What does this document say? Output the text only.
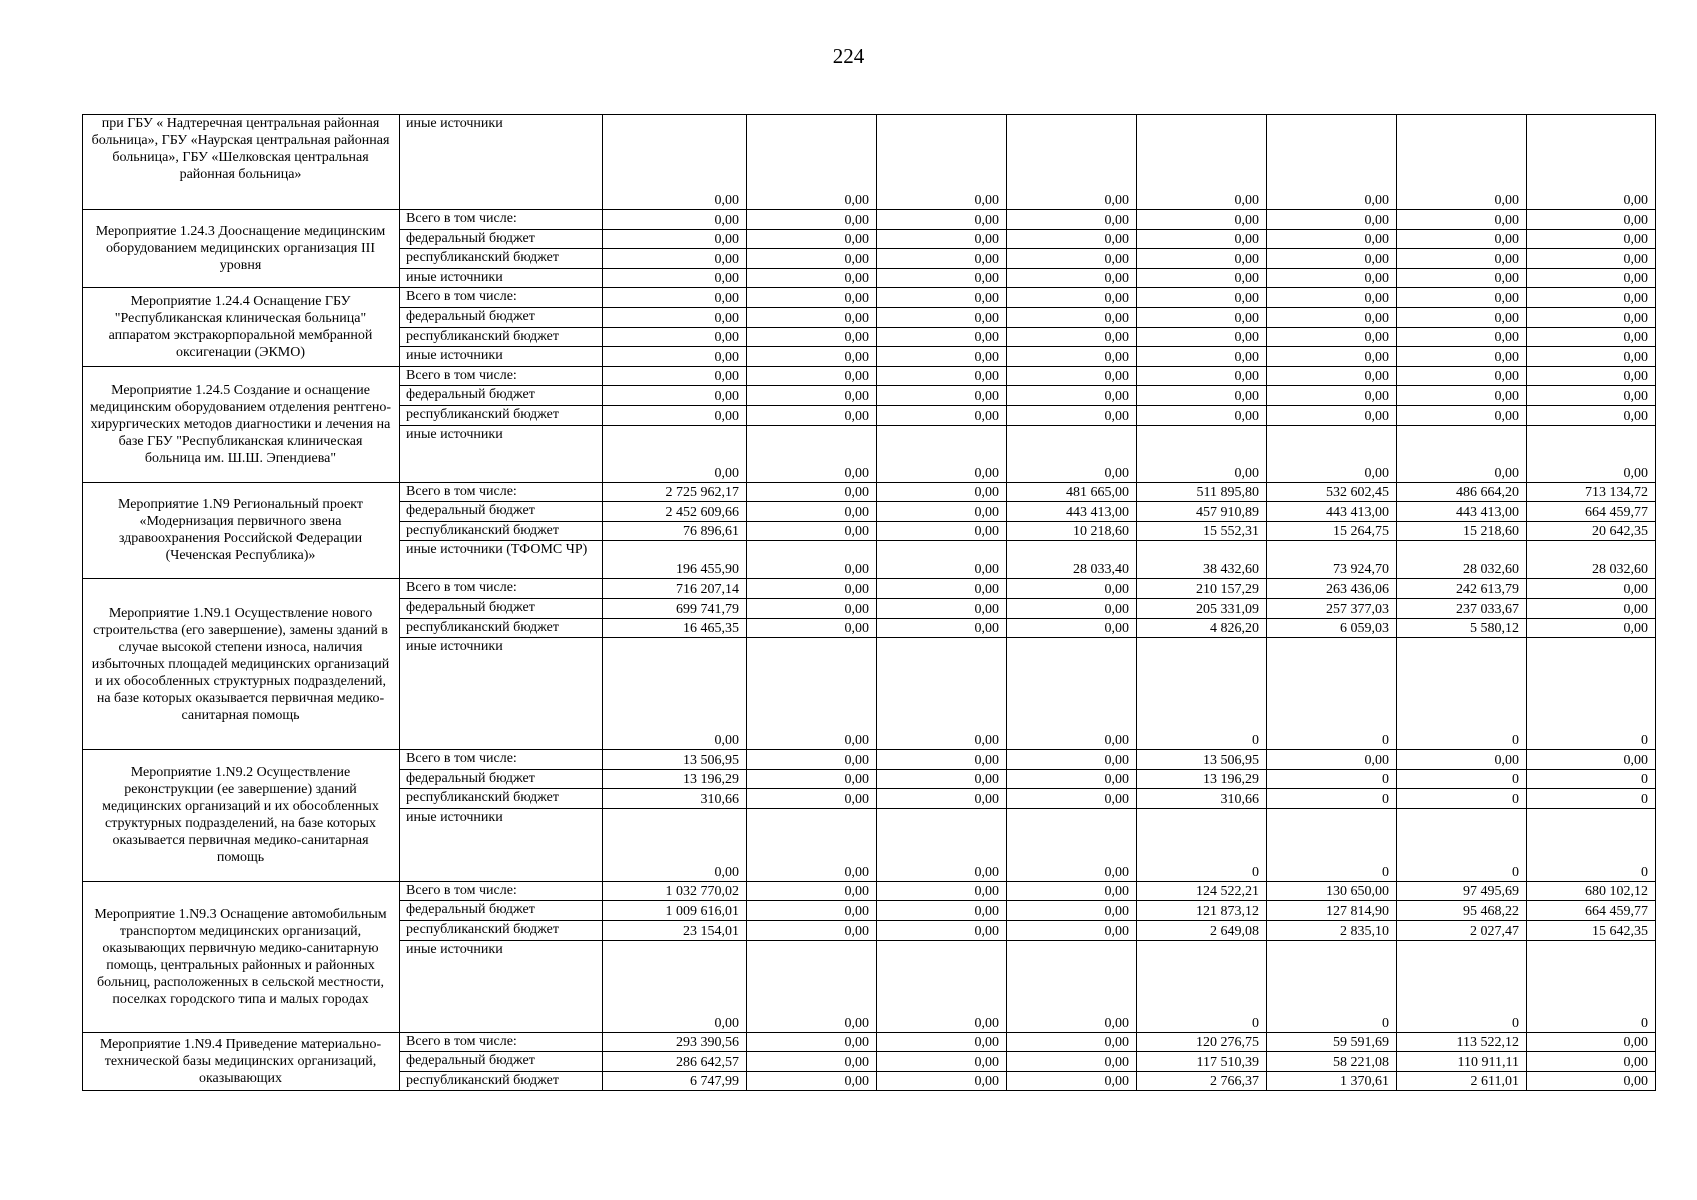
224
при ГБУ « Надтеречная центральная районная больница», ГБУ «Наурская центральная районная больница», ГБУ «Шелковская центральная районная больница»	иные источники	0,00	0,00	0,00	0,00	0,00	0,00	0,00	0,00
Мероприятие 1.24.3 Дооснащение медицинским оборудованием медицинских организация III уровня	Всего в том числе:	0,00	0,00	0,00	0,00	0,00	0,00	0,00	0,00
	федеральный бюджет	0,00	0,00	0,00	0,00	0,00	0,00	0,00	0,00
	республиканский бюджет	0,00	0,00	0,00	0,00	0,00	0,00	0,00	0,00
	иные источники	0,00	0,00	0,00	0,00	0,00	0,00	0,00	0,00
Мероприятие 1.24.4 Оснащение ГБУ "Республиканская клиническая больница" аппаратом экстракорпоральной мембранной оксигенации (ЭКМО)	Всего в том числе:	0,00	0,00	0,00	0,00	0,00	0,00	0,00	0,00
	федеральный бюджет	0,00	0,00	0,00	0,00	0,00	0,00	0,00	0,00
	республиканский бюджет	0,00	0,00	0,00	0,00	0,00	0,00	0,00	0,00
	иные источники	0,00	0,00	0,00	0,00	0,00	0,00	0,00	0,00
Мероприятие 1.24.5 Создание и оснащение медицинским оборудованием отделения рентгено-хирургических методов диагностики и лечения на базе ГБУ "Республиканская клиническая больница им. Ш.Ш. Эпендиева"	Всего в том числе:	0,00	0,00	0,00	0,00	0,00	0,00	0,00	0,00
	федеральный бюджет	0,00	0,00	0,00	0,00	0,00	0,00	0,00	0,00
	республиканский бюджет	0,00	0,00	0,00	0,00	0,00	0,00	0,00	0,00
	иные источники	0,00	0,00	0,00	0,00	0,00	0,00	0,00	0,00
Мероприятие 1.N9 Региональный проект «Модернизация первичного звена здравоохранения Российской Федерации (Чеченская Республика)»	Всего в том числе:	2 725 962,17	0,00	0,00	481 665,00	511 895,80	532 602,45	486 664,20	713 134,72
	федеральный бюджет	2 452 609,66	0,00	0,00	443 413,00	457 910,89	443 413,00	443 413,00	664 459,77
	республиканский бюджет	76 896,61	0,00	0,00	10 218,60	15 552,31	15 264,75	15 218,60	20 642,35
	иные источники (ТФОМС ЧР)	196 455,90	0,00	0,00	28 033,40	38 432,60	73 924,70	28 032,60	28 032,60
Мероприятие 1.N9.1 Осуществление нового строительства (его завершение), замены зданий в случае высокой степени износа, наличия избыточных площадей медицинских организаций и их обособленных структурных подразделений, на базе которых оказывается первичная медико-санитарная помощь	Всего в том числе:	716 207,14	0,00	0,00	0,00	210 157,29	263 436,06	242 613,79	0,00
	федеральный бюджет	699 741,79	0,00	0,00	0,00	205 331,09	257 377,03	237 033,67	0,00
	республиканский бюджет	16 465,35	0,00	0,00	0,00	4 826,20	6 059,03	5 580,12	0,00
	иные источники	0,00	0,00	0,00	0,00	0	0	0	0
Мероприятие 1.N9.2 Осуществление реконструкции (ее завершение) зданий медицинских организаций и их обособленных структурных подразделений, на базе которых оказывается первичная медико-санитарная помощь	Всего в том числе:	13 506,95	0,00	0,00	0,00	13 506,95	0,00	0,00	0,00
	федеральный бюджет	13 196,29	0,00	0,00	0,00	13 196,29	0	0	0
	республиканский бюджет	310,66	0,00	0,00	0,00	310,66	0	0	0
	иные источники	0,00	0,00	0,00	0,00	0	0	0	0
Мероприятие 1.N9.3 Оснащение автомобильным транспортом медицинских организаций, оказывающих первичную медико-санитарную помощь, центральных районных и районных больниц, расположенных в сельской местности, поселках городского типа и малых городах	Всего в том числе:	1 032 770,02	0,00	0,00	0,00	124 522,21	130 650,00	97 495,69	680 102,12
	федеральный бюджет	1 009 616,01	0,00	0,00	0,00	121 873,12	127 814,90	95 468,22	664 459,77
	республиканский бюджет	23 154,01	0,00	0,00	0,00	2 649,08	2 835,10	2 027,47	15 642,35
	иные источники	0,00	0,00	0,00	0,00	0	0	0	0
Мероприятие 1.N9.4 Приведение материально-технической базы медицинских организаций, оказывающих	Всего в том числе:	293 390,56	0,00	0,00	0,00	120 276,75	59 591,69	113 522,12	0,00
	федеральный бюджет	286 642,57	0,00	0,00	0,00	117 510,39	58 221,08	110 911,11	0,00
	республиканский бюджет	6 747,99	0,00	0,00	0,00	2 766,37	1 370,61	2 611,01	0,00
